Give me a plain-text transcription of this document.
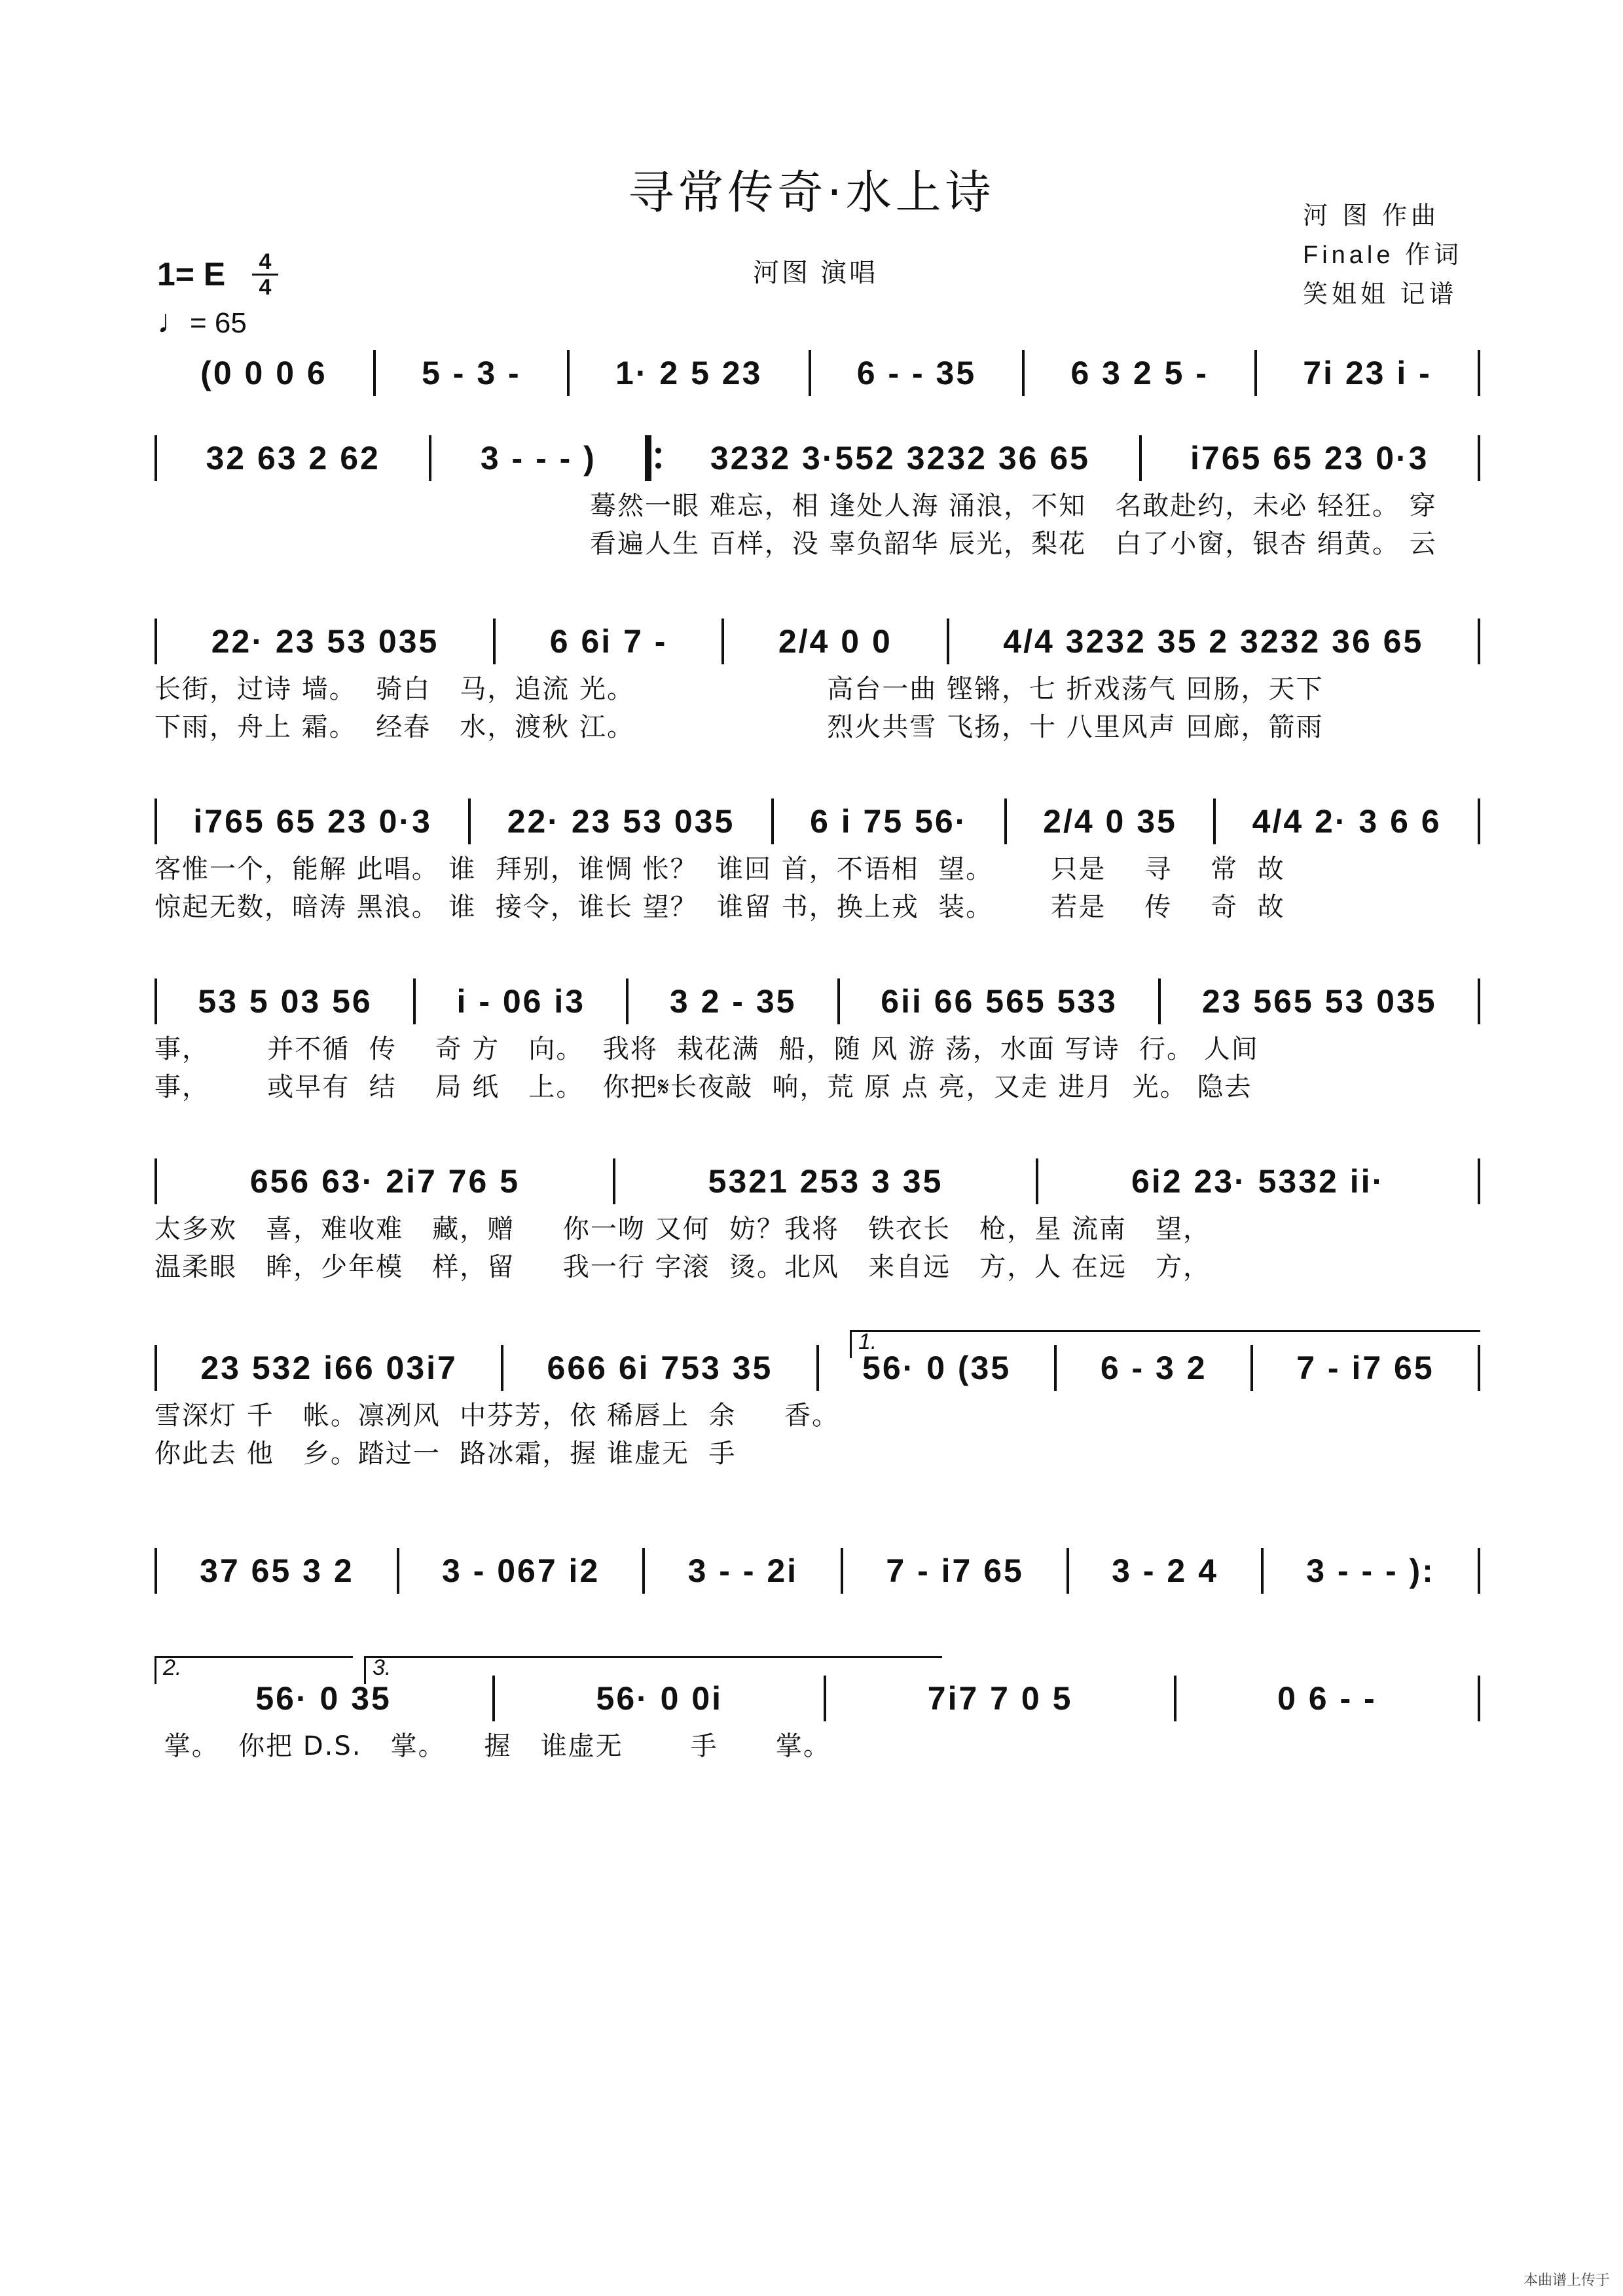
寻常传奇·水上诗	河 图 作曲
Finale 作词
笑姐姐 记谱
河图 演唱
1= E	4
4
♩= 65
(0 0 0 6	5 - 3 -	1· 2 5 23	6 - - 35	6 3 2 5 -	7i 23 i -
32 63 2 62	3 - - - )	3232 3·552 3232 36 65	i765 65 23 0·3
蓦然一眼 难忘，相 逢处人海 涌浪，不知   名敢赴约，未必 轻狂。 穿
看遍人生 百样，没 辜负韶华 辰光，梨花   白了小窗，银杏 绢黄。 云
22· 23 53 035	6 6i 7 -	2/4 0 0	4/4 3232 35 2 3232 36 65
长街，过诗 墙。  骑白   马，追流 光。                    高台一曲 铿锵，七 折戏荡气 回肠，天下
下雨，舟上 霜。  经春   水，渡秋 江。                    烈火共雪 飞扬，十 八里风声 回廊，箭雨
i765 65 23 0·3	22· 23 53 035	6 i 75 56·	2/4 0 35	4/4 2· 3 6 6
客惟一个，能解 此唱。 谁  拜别，谁惆 怅？  谁回 首，不语相  望。      只是    寻    常  故
惊起无数，暗涛 黑浪。 谁  接令，谁长 望？  谁留 书，换上戎  装。      若是    传    奇  故
53 5 03 56	i - 06 i3	3 2 - 35	6ii 66 565 533	23 565 53 035
事，      并不循  传    奇 方   向。  我将  栽花满  船，随 风 游 荡，水面 写诗  行。 人间
事，      或早有  结    局 纸   上。  你把𝄋长夜敲  响，荒 原 点 亮，又走 进月  光。 隐去
656 63· 2i7 76 5	5321 253 3 35	6i2 23· 5332 ii·
太多欢   喜，难收难   藏，赠     你一吻 又何  妨？我将   铁衣长   枪，星 流南   望，
温柔眼   眸，少年模   样，留     我一行 字滚  烫。北风   来自远   方，人 在远   方，
23 532 i66 03i7	666 6i 753 35	56· 0 (35	6 - 3 2	7 - i7 65
雪深灯 千   帐。凛冽风  中芬芳，依 稀唇上  余     香。
你此去 他   乡。踏过一  路冰霜，握 谁虚无  手
37 65 3 2	3 - 067 i2	3 - - 2i	7 - i7 65	3 - 2 4	3 - - - ):
56· 0 35	56· 0 0i	7i7 7 0 5	0 6 - -
掌。  你把 D.S.   掌。    握   谁虚无       手      掌。
本曲谱上传于
1.
2.	3.
